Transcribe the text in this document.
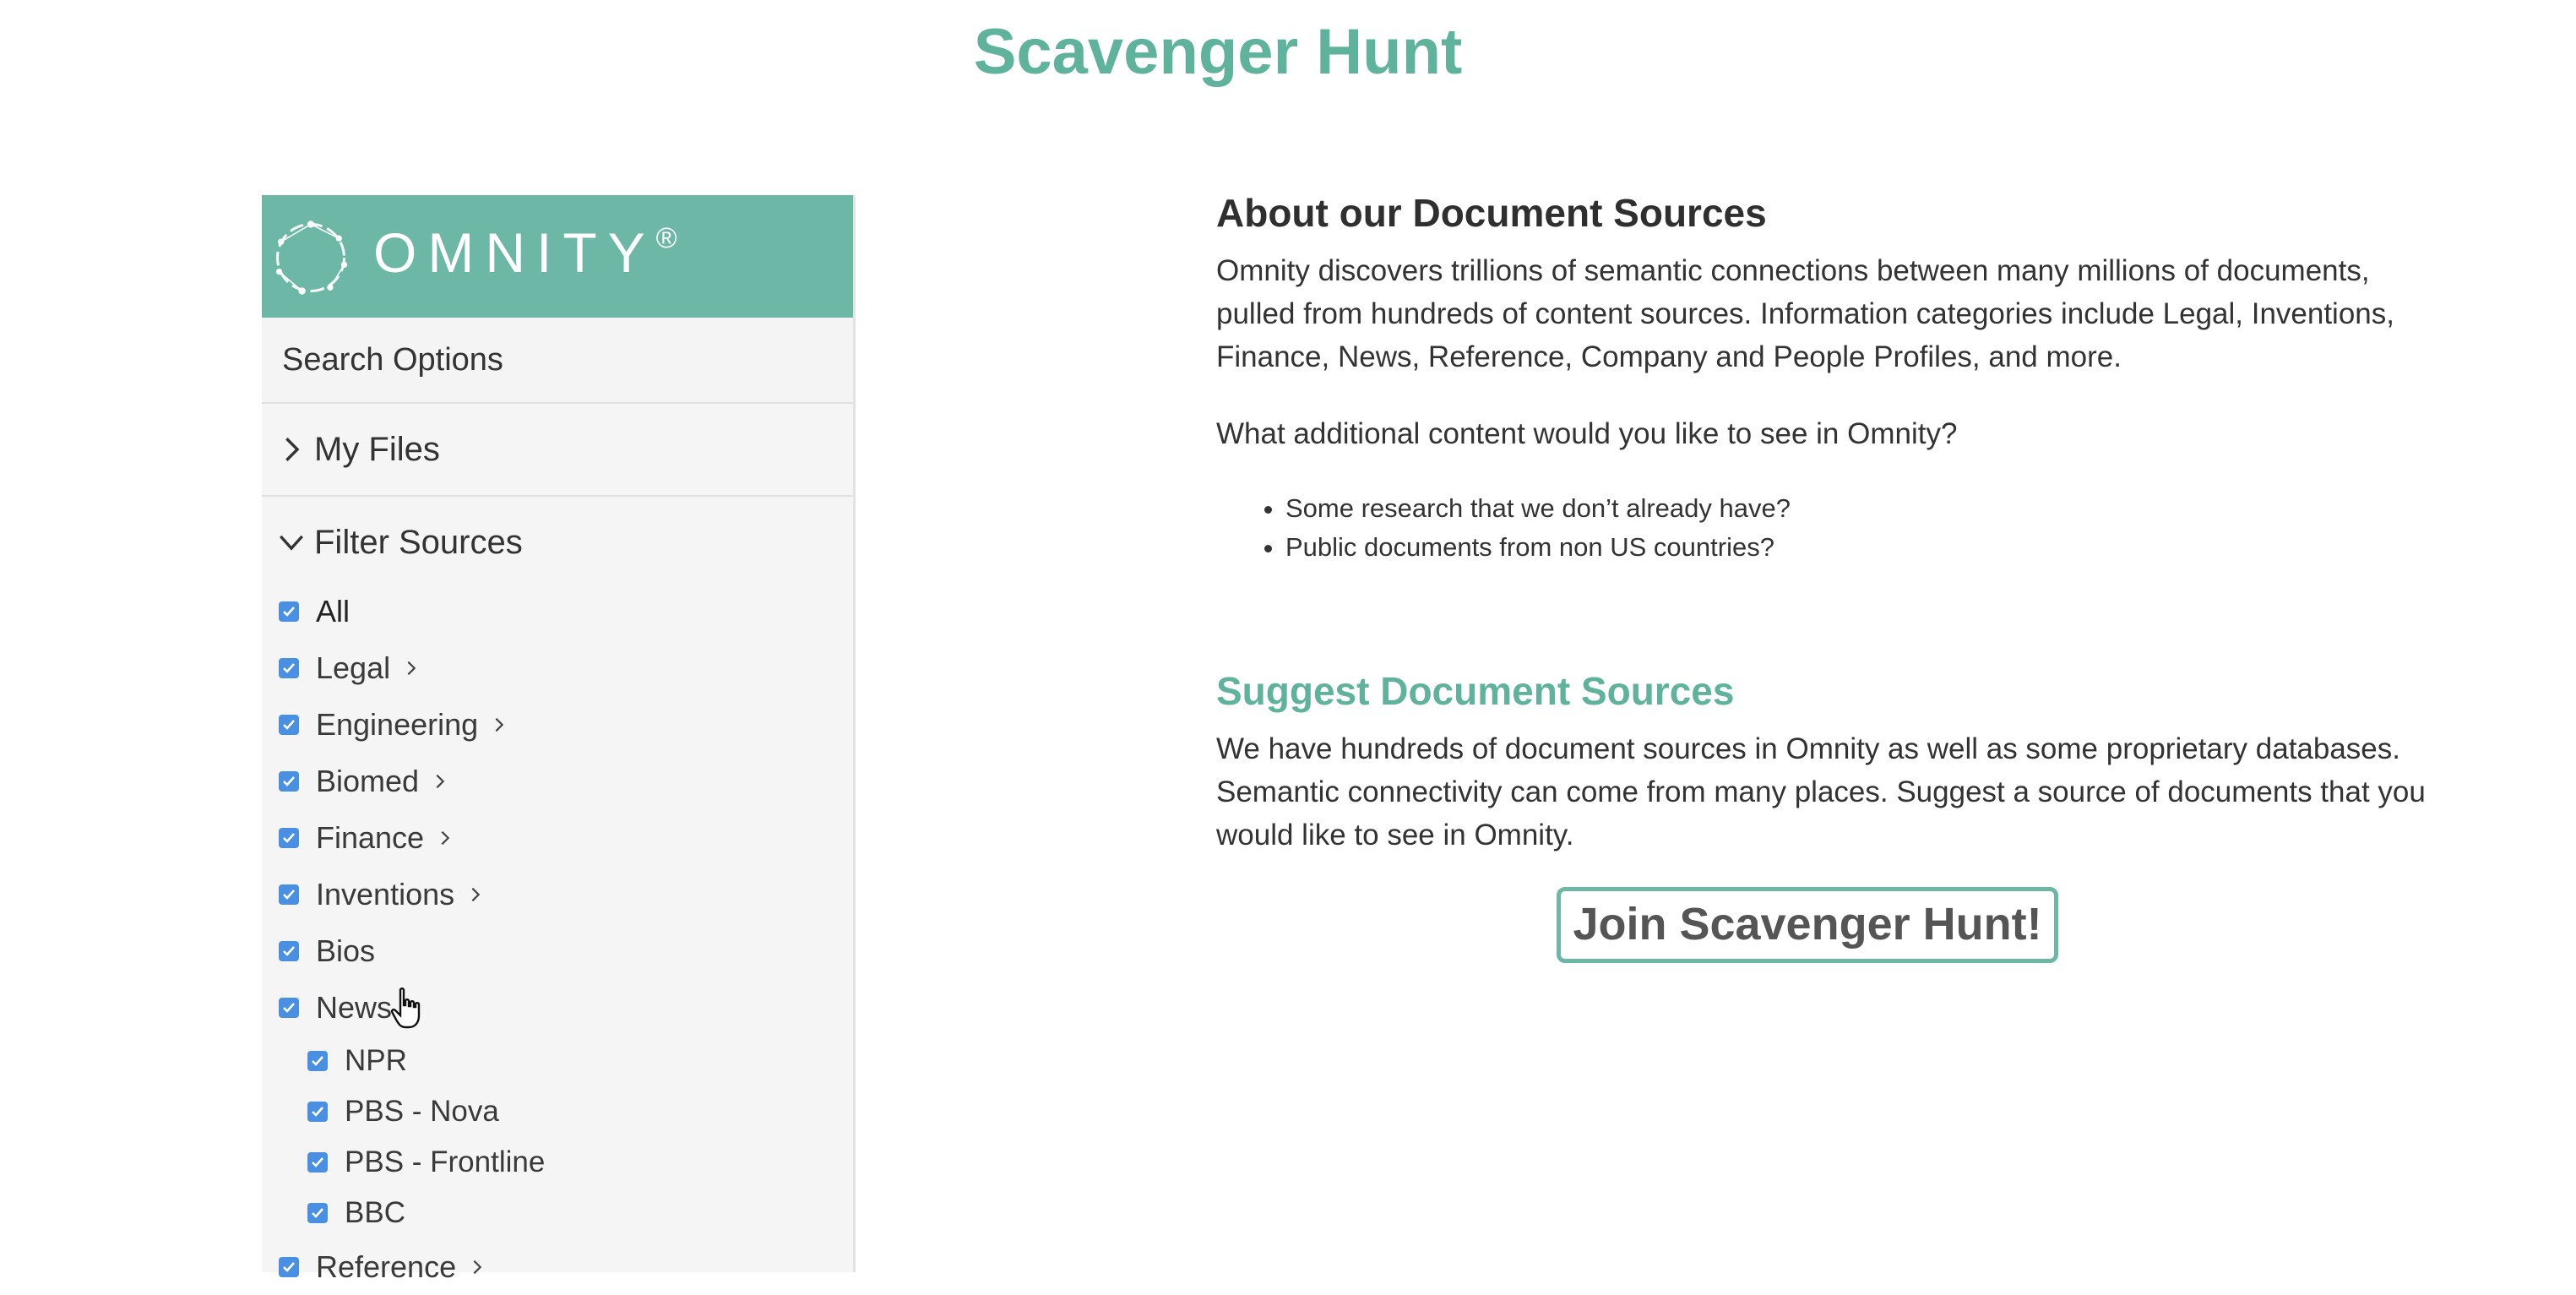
Scavenger Hunt
OMNITY®
Search Options
My Files
Filter Sources
All
Legal
Engineering
Biomed
Finance
Inventions
Bios
News
NPR
PBS - Nova
PBS - Frontline
BBC
Reference
About our Document Sources

Omnity discovers trillions of semantic connections between many millions of documents, pulled from hundreds of content sources. Information categories include Legal, Inventions, Finance, News, Reference, Company and People Profiles, and more.

What additional content would you like to see in Omnity?

• Some research that we don’t already have?
• Public documents from non US countries?
Suggest Document Sources

We have hundreds of document sources in Omnity as well as some proprietary databases. Semantic connectivity can come from many places. Suggest a source of documents that you would like to see in Omnity.

Join Scavenger Hunt!
